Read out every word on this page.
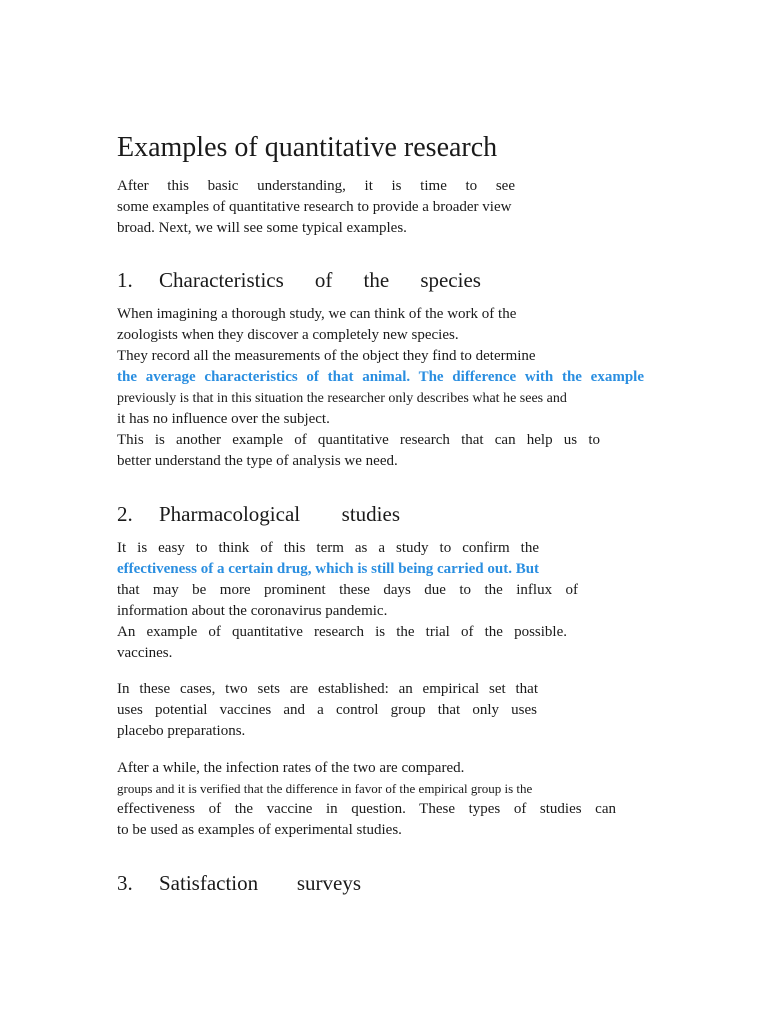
Examples of quantitative research

After this basic understanding, it is time to see

some examples of quantitative research to provide a broader view

broad. Next, we will see some typical examples.

1.	Characteristics of the species

When imagining a thorough study, we can think of the work of the

zoologists when they discover a completely new species.

They record all the measurements of the object they find to determine

the average characteristics of that animal. The difference with the example

previously is that in this situation the researcher only describes what he sees and

it has no influence over the subject.

This is another example of quantitative research that can help us to

better understand the type of analysis we need.

2.	Pharmacological studies

It is easy to think of this term as a study to confirm the

effectiveness of a certain drug, which is still being carried out. But

that may be more prominent these days due to the influx of

information about the coronavirus pandemic.

An example of quantitative research is the trial of the possible.

vaccines.

In these cases, two sets are established: an empirical set that

uses potential vaccines and a control group that only uses

placebo preparations.

After a while, the infection rates of the two are compared.

groups and it is verified that the difference in favor of the empirical group is the

effectiveness of the vaccine in question. These types of studies can

to be used as examples of experimental studies.

3.	Satisfaction surveys
